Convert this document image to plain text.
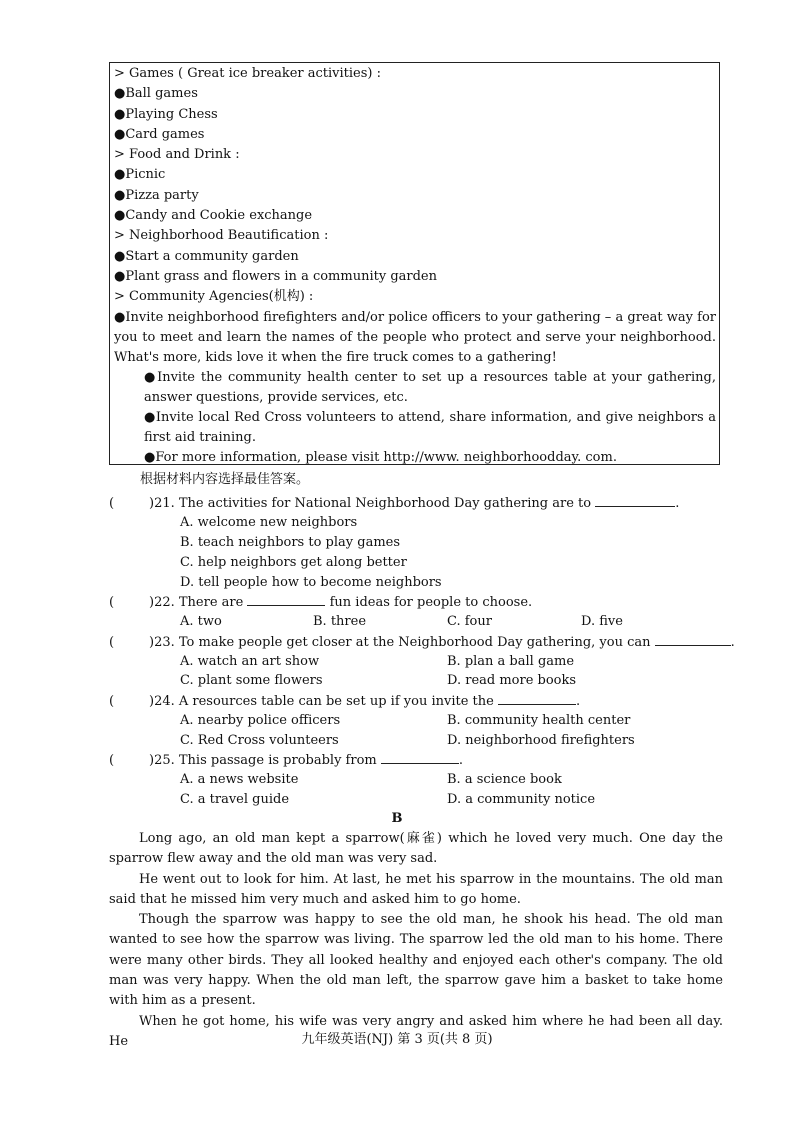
> Games ( Great ice breaker activities) :
●Ball games
●Playing Chess
●Card games
> Food and Drink :
●Picnic
●Pizza party
●Candy and Cookie exchange
> Neighborhood Beautification :
●Start a community garden
●Plant grass and flowers in a community garden
> Community Agencies(机构) :
●Invite neighborhood firefighters and/or police officers to your gathering – a great way for you to meet and learn the names of the people who protect and serve your neighborhood. What's more, kids love it when the fire truck comes to a gathering!
●Invite the community health center to set up a resources table at your gathering, answer questions, provide services, etc.
●Invite local Red Cross volunteers to attend, share information, and give neighbors a first aid training.
●For more information, please visit http://www. neighborhoodday. com.
根据材料内容选择最佳答案。
(	)21. The activities for National Neighborhood Day gathering are to	.
A. welcome new neighbors
B. teach neighbors to play games
C. help neighbors get along better
D. tell people how to become neighbors
(	)22. There are	fun ideas for people to choose.
A. two	B. three	C. four	D. five
(	)23. To make people get closer at the Neighborhood Day gathering, you can	.
A. watch an art show	B. plan a ball game
C. plant some flowers	D. read more books
(	)24. A resources table can be set up if you invite the	.
A. nearby police officers	B. community health center
C. Red Cross volunteers	D. neighborhood firefighters
(	)25. This passage is probably from	.
A. a news website	B. a science book
C. a travel guide	D. a community notice
B

Long ago, an old man kept a sparrow(麻雀) which he loved very much. One day the sparrow flew away and the old man was very sad.

He went out to look for him. At last, he met his sparrow in the mountains. The old man said that he missed him very much and asked him to go home.

Though the sparrow was happy to see the old man, he shook his head. The old man wanted to see how the sparrow was living. The sparrow led the old man to his home. There were many other birds. They all looked healthy and enjoyed each other's company. The old man was very happy. When the old man left, the sparrow gave him a basket to take home with him as a present.

When he got home, his wife was very angry and asked him where he had been all day. He	九年级英语(NJ) 第 3 页(共 8 页)
